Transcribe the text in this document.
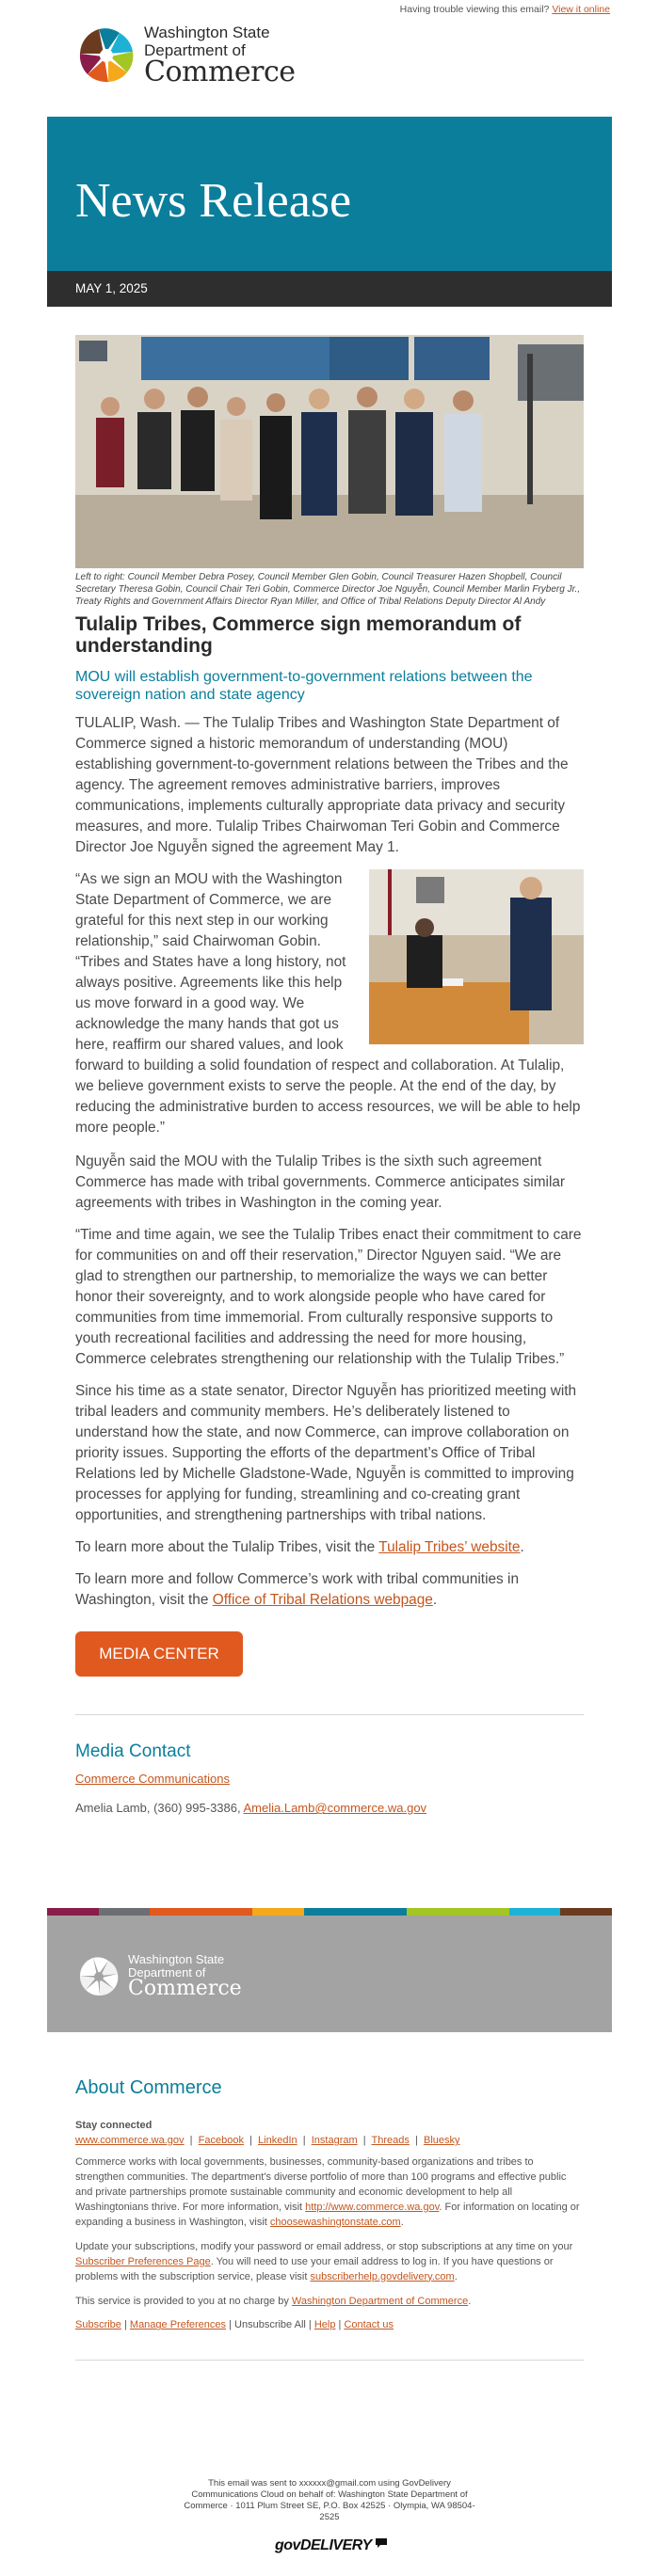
Having trouble viewing this email? View it online
Washington State
Department of
Commerce
News Release
MAY 1, 2025
Left to right: Council Member Debra Posey, Council Member Glen Gobin, Council Treasurer Hazen Shopbell, Council Secretary Theresa Gobin, Council Chair Teri Gobin, Commerce Director Joe Nguyễn, Council Member Marlin Fryberg Jr., Treaty Rights and Government Affairs Director Ryan Miller, and Office of Tribal Relations Deputy Director Al Andy
Tulalip Tribes, Commerce sign memorandum of understanding
MOU will establish government-to-government relations between the sovereign nation and state agency

TULALIP, Wash. — The Tulalip Tribes and Washington State Department of Commerce signed a historic memorandum of understanding (MOU) establishing government-to-government relations between the Tribes and the agency. The agreement removes administrative barriers, improves communications, implements culturally appropriate data privacy and security measures, and more. Tulalip Tribes Chairwoman Teri Gobin and Commerce Director Joe Nguyễn signed the agreement May 1.

“As we sign an MOU with the Washington State Department of Commerce, we are grateful for this next step in our working relationship,” said Chairwoman Gobin. “Tribes and States have a long history, not always positive. Agreements like this help us move forward in a good way. We acknowledge the many hands that got us here, reaffirm our shared values, and look forward to building a solid foundation of respect and collaboration. At Tulalip, we believe government exists to serve the people. At the end of the day, by reducing the administrative burden to access resources, we will be able to help more people.”

Nguyễn said the MOU with the Tulalip Tribes is the sixth such agreement Commerce has made with tribal governments. Commerce anticipates similar agreements with tribes in Washington in the coming year.

“Time and time again, we see the Tulalip Tribes enact their commitment to care for communities on and off their reservation,” Director Nguyen said. “We are glad to strengthen our partnership, to memorialize the ways we can better honor their sovereignty, and to work alongside people who have cared for communities from time immemorial. From culturally responsive supports to youth recreational facilities and addressing the need for more housing, Commerce celebrates strengthening our relationship with the Tulalip Tribes.”

Since his time as a state senator, Director Nguyễn has prioritized meeting with tribal leaders and community members. He’s deliberately listened to understand how the state, and now Commerce, can improve collaboration on priority issues. Supporting the efforts of the department’s Office of Tribal Relations led by Michelle Gladstone-Wade, Nguyễn is committed to improving processes for applying for funding, streamlining and co-creating grant opportunities, and strengthening partnerships with tribal nations.

To learn more about the Tulalip Tribes, visit the Tulalip Tribes’ website.

To learn more and follow Commerce’s work with tribal communities in Washington, visit the Office of Tribal Relations webpage.

MEDIA CENTER
Media Contact
Commerce Communications
Amelia Lamb, (360) 995-3386, Amelia.Lamb@commerce.wa.gov
Washington State
Department of
Commerce
About Commerce
Stay connected
www.commerce.wa.gov  |  Facebook  |  LinkedIn  |  Instagram  |  Threads  |  Bluesky

Commerce works with local governments, businesses, community-based organizations and tribes to strengthen communities. The department's diverse portfolio of more than 100 programs and effective public and private partnerships promote sustainable community and economic development to help all Washingtonians thrive. For more information, visit http://www.commerce.wa.gov. For information on locating or expanding a business in Washington, visit choosewashingtonstate.com.

Update your subscriptions, modify your password or email address, or stop subscriptions at any time on your Subscriber Preferences Page. You will need to use your email address to log in. If you have questions or problems with the subscription service, please visit subscriberhelp.govdelivery.com.

This service is provided to you at no charge by Washington Department of Commerce.

Subscribe | Manage Preferences | Unsubscribe All | Help | Contact us

This email was sent to xxxxxx@gmail.com using GovDelivery Communications Cloud on behalf of: Washington State Department of Commerce · 1011 Plum Street SE, P.O. Box 42525 · Olympia, WA 98504-2525
govDELIVERY
